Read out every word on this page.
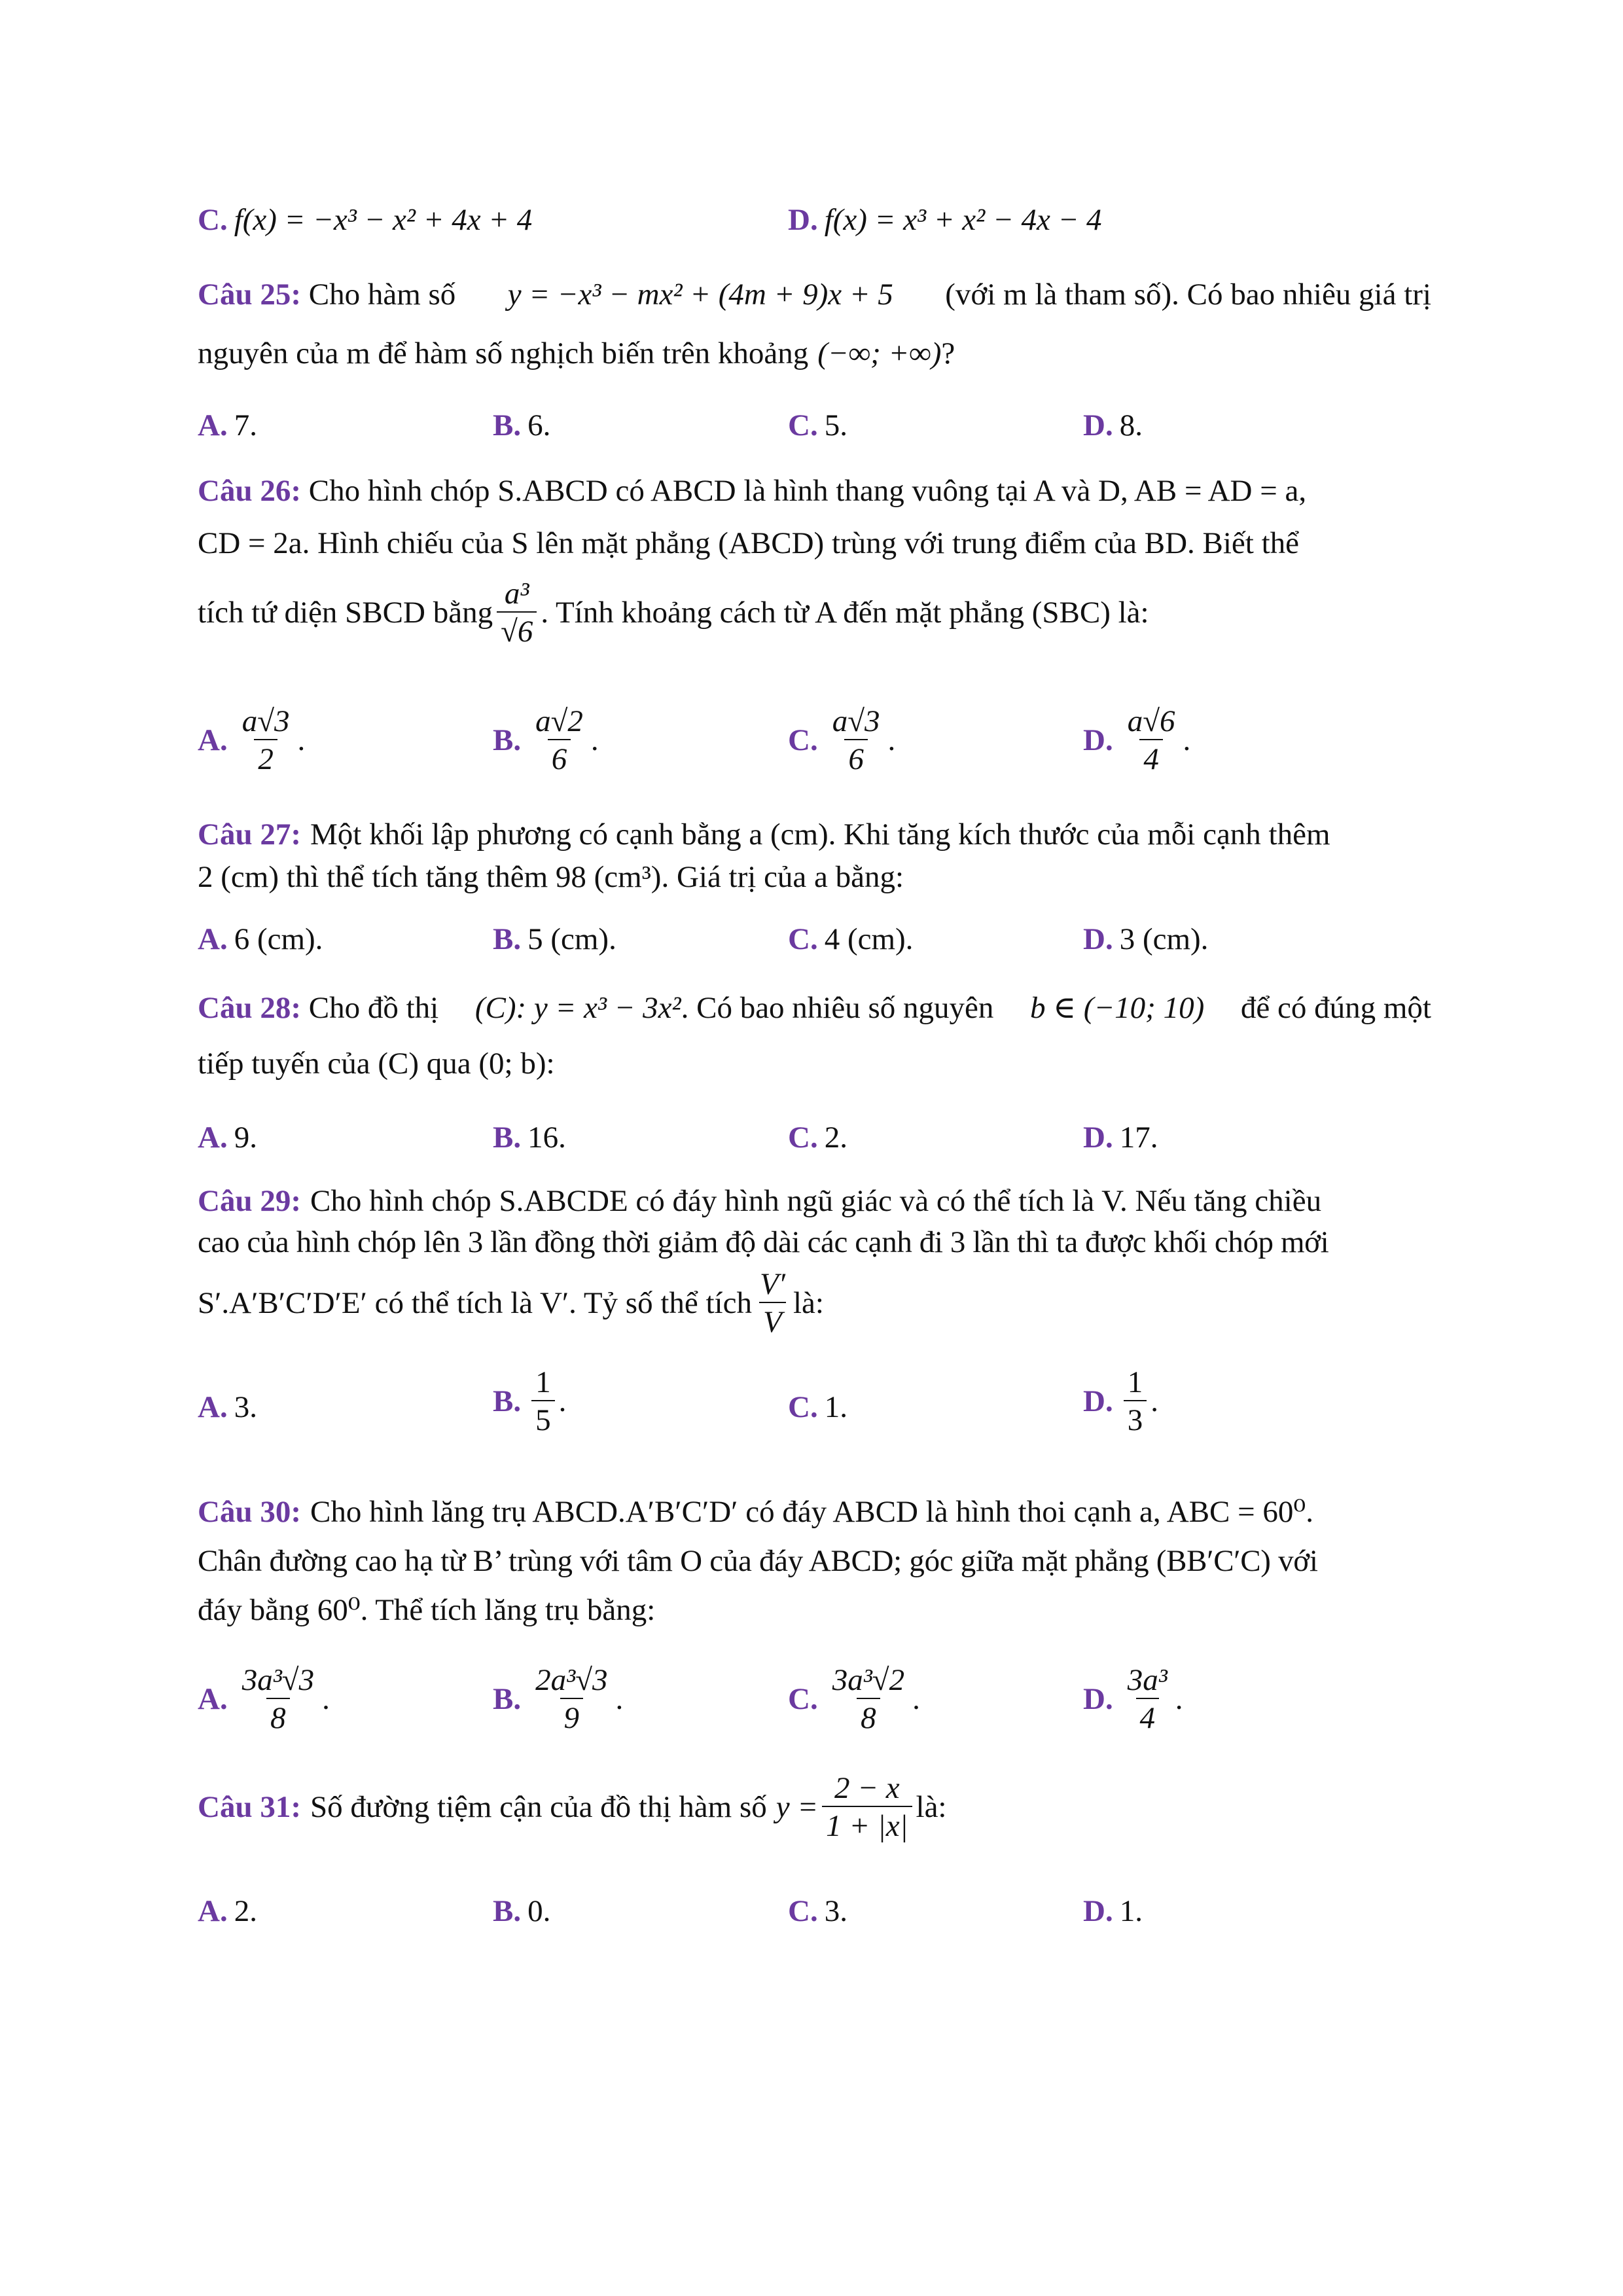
C. f(x) = −x³ − x² + 4x + 4	D. f(x) = x³ + x² − 4x − 4
Câu 25: Cho hàm số y = −x³ − mx² + (4m + 9)x + 5 (với m là tham số). Có bao nhiêu giá trị
nguyên của m để hàm số nghịch biến trên khoảng (−∞; +∞) ?
A. 7.	B. 6.	C. 5.	D. 8.
Câu 26: Cho hình chóp S.ABCD có ABCD là hình thang vuông tại A và D, AB = AD = a,
CD = 2a. Hình chiếu của S lên mặt phẳng (ABCD) trùng với trung điểm của BD. Biết thể
tích tứ diện SBCD bằng $\frac{\text{a³}}{√6}$ . Tính khoảng cách từ A đến mặt phẳng (SBC) là:
A. $\frac{a√3}{2}$ .	B. $\frac{a√2}{6}$ .	C. $\frac{a√3}{6}$ .	D. $\frac{a√6}{4}$ .
Câu 27: Một khối lập phương có cạnh bằng a (cm). Khi tăng kích thước của mỗi cạnh thêm
2 (cm) thì thể tích tăng thêm 98 (cm³). Giá trị của a bằng:
A. 6 (cm).	B. 5 (cm).	C. 4 (cm).	D. 3 (cm).
Câu 28: Cho đồ thị (C): y = x³ − 3x². Có bao nhiêu số nguyên b ∈ (−10; 10) để có đúng một
tiếp tuyến của (C) qua (0; b):
A. 9.	B. 16.	C. 2.	D. 17.
Câu 29: Cho hình chóp S.ABCDE có đáy hình ngũ giác và có thể tích là V. Nếu tăng chiều
cao của hình chóp lên 3 lần đồng thời giảm độ dài các cạnh đi 3 lần thì ta được khối chóp mới
S′.A′B′C′D′E′ có thể tích là V′. Tỷ số thể tích $\frac{V'}{V}$ là:
A. 3.	B. $\frac{1}{5}$ .	C. 1.	D. $\frac{1}{3}$ .
Câu 30: Cho hình lăng trụ ABCD.A′B′C′D′ có đáy ABCD là hình thoi cạnh a, ABC = 60⁰.
Chân đường cao hạ từ B’ trùng với tâm O của đáy ABCD; góc giữa mặt phẳng (BB′C′C) với
đáy bằng 60⁰. Thể tích lăng trụ bằng:
A. $\frac{\text{3a³√3}}{8}$ .	B. $\frac{\text{2a³√3}}{9}$ .	C. $\frac{\text{3a³√2}}{8}$ .	D. $\frac{\text{3a³}}{4}$ .
Câu 31: Số đường tiệm cận của đồ thị hàm số $y = \frac{2 - x}{1 + |x|}$ là:
A. 2.	B. 0.	C. 3.	D. 1.
